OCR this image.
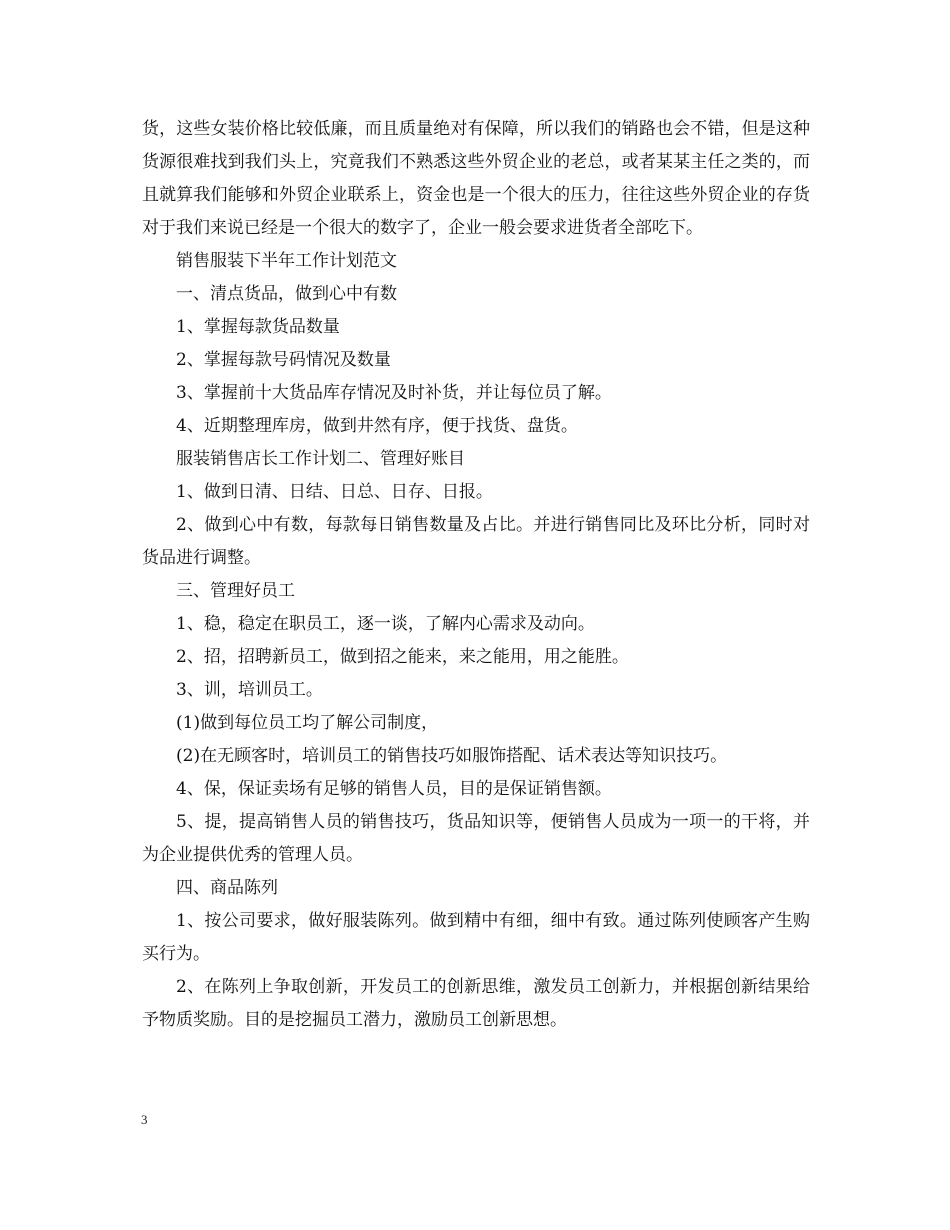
货，这些女装价格比较低廉，而且质量绝对有保障，所以我们的销路也会不错，但是这种货源很难找到我们头上，究竟我们不熟悉这些外贸企业的老总，或者某某主任之类的，而且就算我们能够和外贸企业联系上，资金也是一个很大的压力，往往这些外贸企业的存货对于我们来说已经是一个很大的数字了，企业一般会要求进货者全部吃下。

销售服装下半年工作计划范文

一、清点货品，做到心中有数

1、掌握每款货品数量

2、掌握每款号码情况及数量

3、掌握前十大货品库存情况及时补货，并让每位员了解。

4、近期整理库房，做到井然有序，便于找货、盘货。

服装销售店长工作计划二、管理好账目

1、做到日清、日结、日总、日存、日报。

2、做到心中有数，每款每日销售数量及占比。并进行销售同比及环比分析，同时对货品进行调整。

三、管理好员工

1、稳，稳定在职员工，逐一谈，了解内心需求及动向。

2、招，招聘新员工，做到招之能来，来之能用，用之能胜。

3、训，培训员工。

(1)做到每位员工均了解公司制度，

(2)在无顾客时，培训员工的销售技巧如服饰搭配、话术表达等知识技巧。

4、保，保证卖场有足够的销售人员，目的是保证销售额。

5、提，提高销售人员的销售技巧，货品知识等，便销售人员成为一项一的干将，并为企业提供优秀的管理人员。

四、商品陈列

1、按公司要求，做好服装陈列。做到精中有细，细中有致。通过陈列使顾客产生购买行为。

2、在陈列上争取创新，开发员工的创新思维，激发员工创新力，并根据创新结果给予物质奖励。目的是挖掘员工潜力，激励员工创新思想。

3
